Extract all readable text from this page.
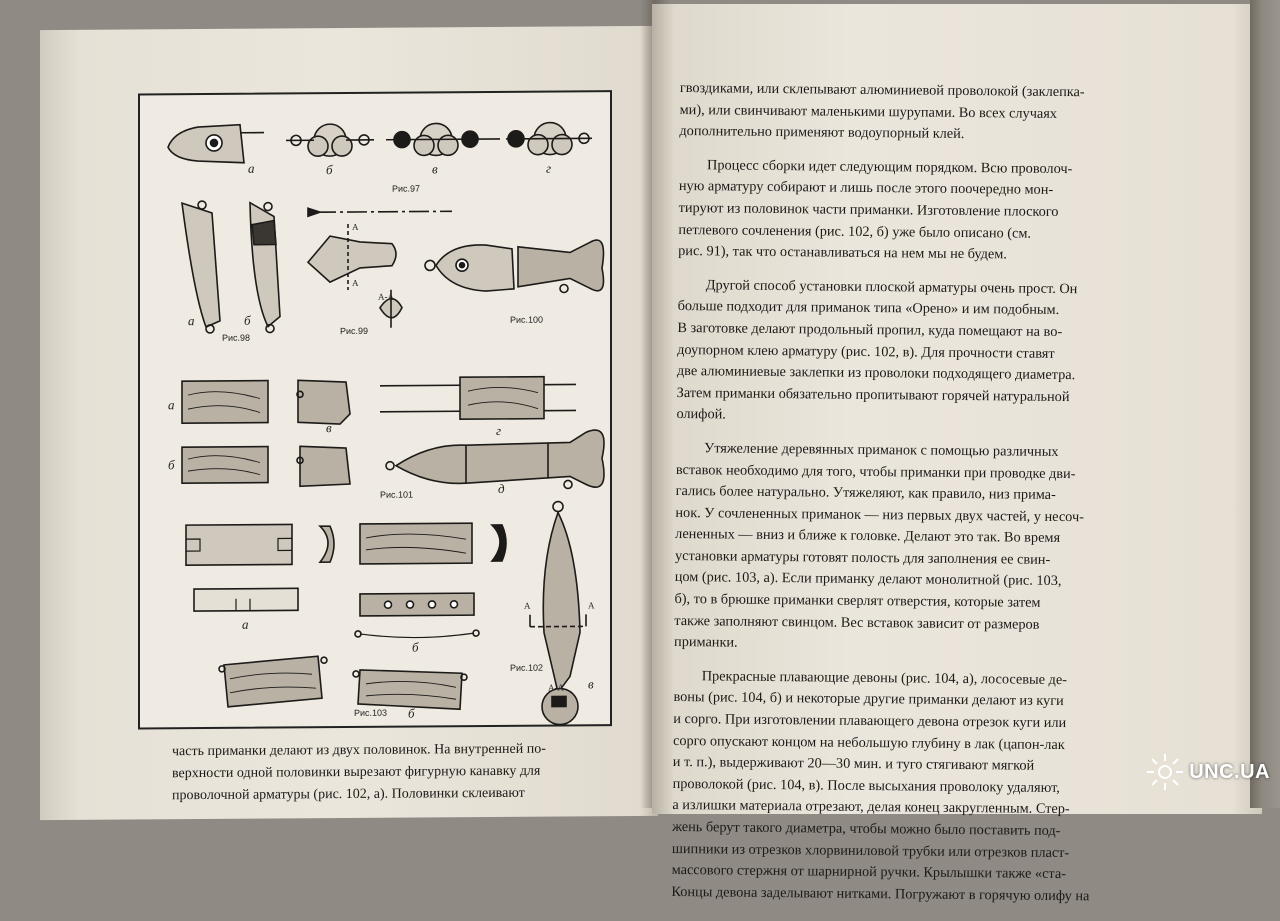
Рис.97
Рис.98
Рис.99
Рис.100
Рис.101
Рис.102
Рис.103
а	б	в	г
а	б
А
А
А-А
а
б
в	г
д
а
б
в
А	А
А-А
б

часть приманки делают из двух половинок. На внутренней по-

верхности одной половинки вырезают фигурную канавку для

проволочной арматуры (рис. 102, а). Половинки склеивают

гвоздиками, или склепывают алюминиевой проволокой (заклепка-
ми), или свинчивают маленькими шурупами. Во всех случаях
дополнительно применяют водоупорный клей.

Процесс сборки идет следующим порядком. Всю проволоч-
ную арматуру собирают и лишь после этого поочередно мон-
тируют из половинок части приманки. Изготовление плоского
петлевого сочленения (рис. 102, б) уже было описано (см.
рис. 91), так что останавливаться на нем мы не будем.

Другой способ установки плоской арматуры очень прост. Он
больше подходит для приманок типа «Орено» и им подобным.
В заготовке делают продольный пропил, куда помещают на во-
доупорном клею арматуру (рис. 102, в). Для прочности ставят
две алюминиевые заклепки из проволоки подходящего диаметра.
Затем приманки обязательно пропитывают горячей натуральной
олифой.

Утяжеление деревянных приманок с помощью различных
вставок необходимо для того, чтобы приманки при проводке дви-
гались более натурально. Утяжеляют, как правило, низ прима-
нок. У сочлененных приманок — низ первых двух частей, у несоч-
лененных — вниз и ближе к головке. Делают это так. Во время
установки арматуры готовят полость для заполнения ее свин-
цом (рис. 103, а). Если приманку делают монолитной (рис. 103,
б), то в брюшке приманки сверлят отверстия, которые затем
также заполняют свинцом. Вес вставок зависит от размеров
приманки.

Прекрасные плавающие девоны (рис. 104, а), лососевые де-
воны (рис. 104, б) и некоторые другие приманки делают из куги
и сорго. При изготовлении плавающего девона отрезок куги или
сорго опускают концом на небольшую глубину в лак (цапон-лак
и т. п.), выдерживают 20—30 мин. и туго стягивают мягкой
проволокой (рис. 104, в). После высыхания проволоку удаляют,
а излишки материала отрезают, делая конец закругленным. Стер-
жень берут такого диаметра, чтобы можно было поставить под-
шипники из отрезков хлорвиниловой трубки или отрезков пласт-
массового стержня от шарнирной ручки. Крылышки также «ста-
Концы девона заделывают нитками. Погружают в горячую олифу на

UNC.UA
